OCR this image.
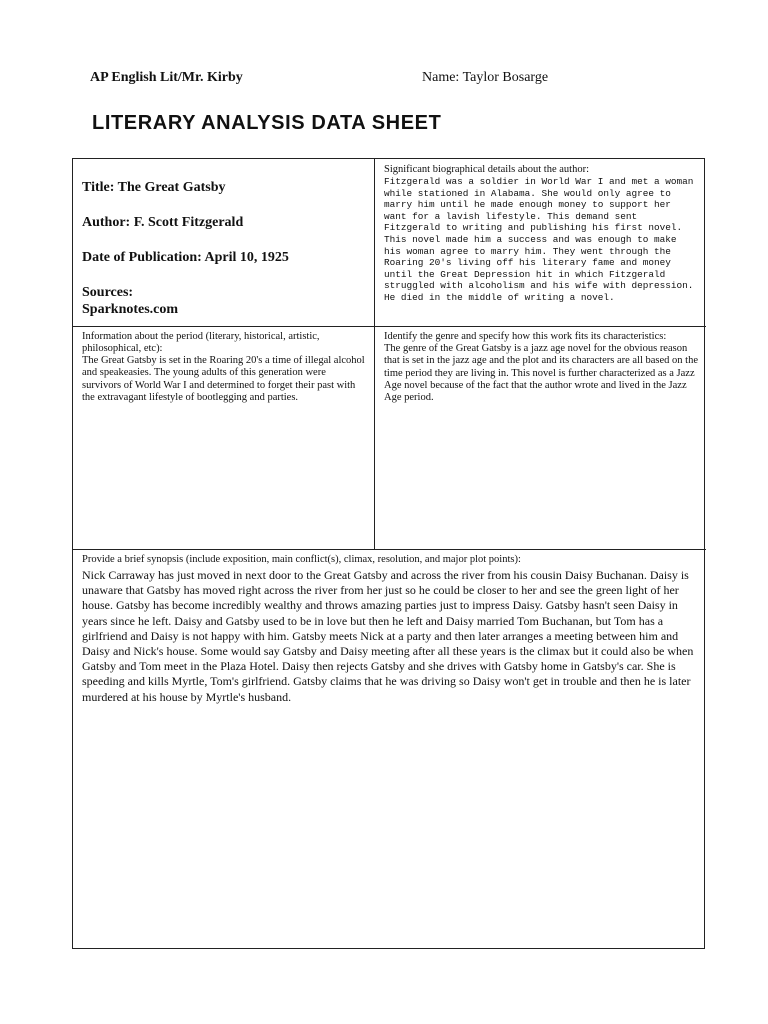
AP English Lit/Mr. Kirby	Name: Taylor Bosarge
LITERARY ANALYSIS DATA SHEET
Title: The Great Gatsby
Author: F. Scott Fitzgerald
Date of Publication: April 10, 1925
Sources:
Sparknotes.com
Significant biographical details about the author:
Fitzgerald was a soldier in World War I and met a woman while stationed in Alabama. She would only agree to marry him until he made enough money to support her want for a lavish lifestyle. This demand sent Fitzgerald to writing and publishing his first novel. This novel made him a success and was enough to make his woman agree to marry him. They went through the Roaring 20's living off his literary fame and money until the Great Depression hit in which Fitzgerald struggled with alcoholism and his wife with depression. He died in the middle of writing a novel.
Information about the period (literary, historical, artistic, philosophical, etc):
The Great Gatsby is set in the Roaring 20's a time of illegal alcohol and speakeasies. The young adults of this generation were survivors of World War I and determined to forget their past with the extravagant lifestyle of bootlegging and parties.
Identify the genre and specify how this work fits its characteristics:
The genre of the Great Gatsby is a jazz age novel for the obvious reason that is set in the jazz age and the plot and its characters are all based on the time period they are living in. This novel is further characterized as a Jazz Age novel because of the fact that the author wrote and lived in the Jazz Age period.
Provide a brief synopsis (include exposition, main conflict(s), climax, resolution, and major plot points):
Nick Carraway has just moved in next door to the Great Gatsby and across the river from his cousin Daisy Buchanan. Daisy is unaware that Gatsby has moved right across the river from her just so he could be closer to her and see the green light of her house. Gatsby has become incredibly wealthy and throws amazing parties just to impress Daisy. Gatsby hasn't seen Daisy in years since he left. Daisy and Gatsby used to be in love but then he left and Daisy married Tom Buchanan, but Tom has a girlfriend and Daisy is not happy with him. Gatsby meets Nick at a party and then later arranges a meeting between him and Daisy and Nick's house. Some would say Gatsby and Daisy meeting after all these years is the climax but it could also be when Gatsby and Tom meet in the Plaza Hotel. Daisy then rejects Gatsby and she drives with Gatsby home in Gatsby's car. She is speeding and kills Myrtle, Tom's girlfriend. Gatsby claims that he was driving so Daisy won't get in trouble and then he is later murdered at his house by Myrtle's husband.
